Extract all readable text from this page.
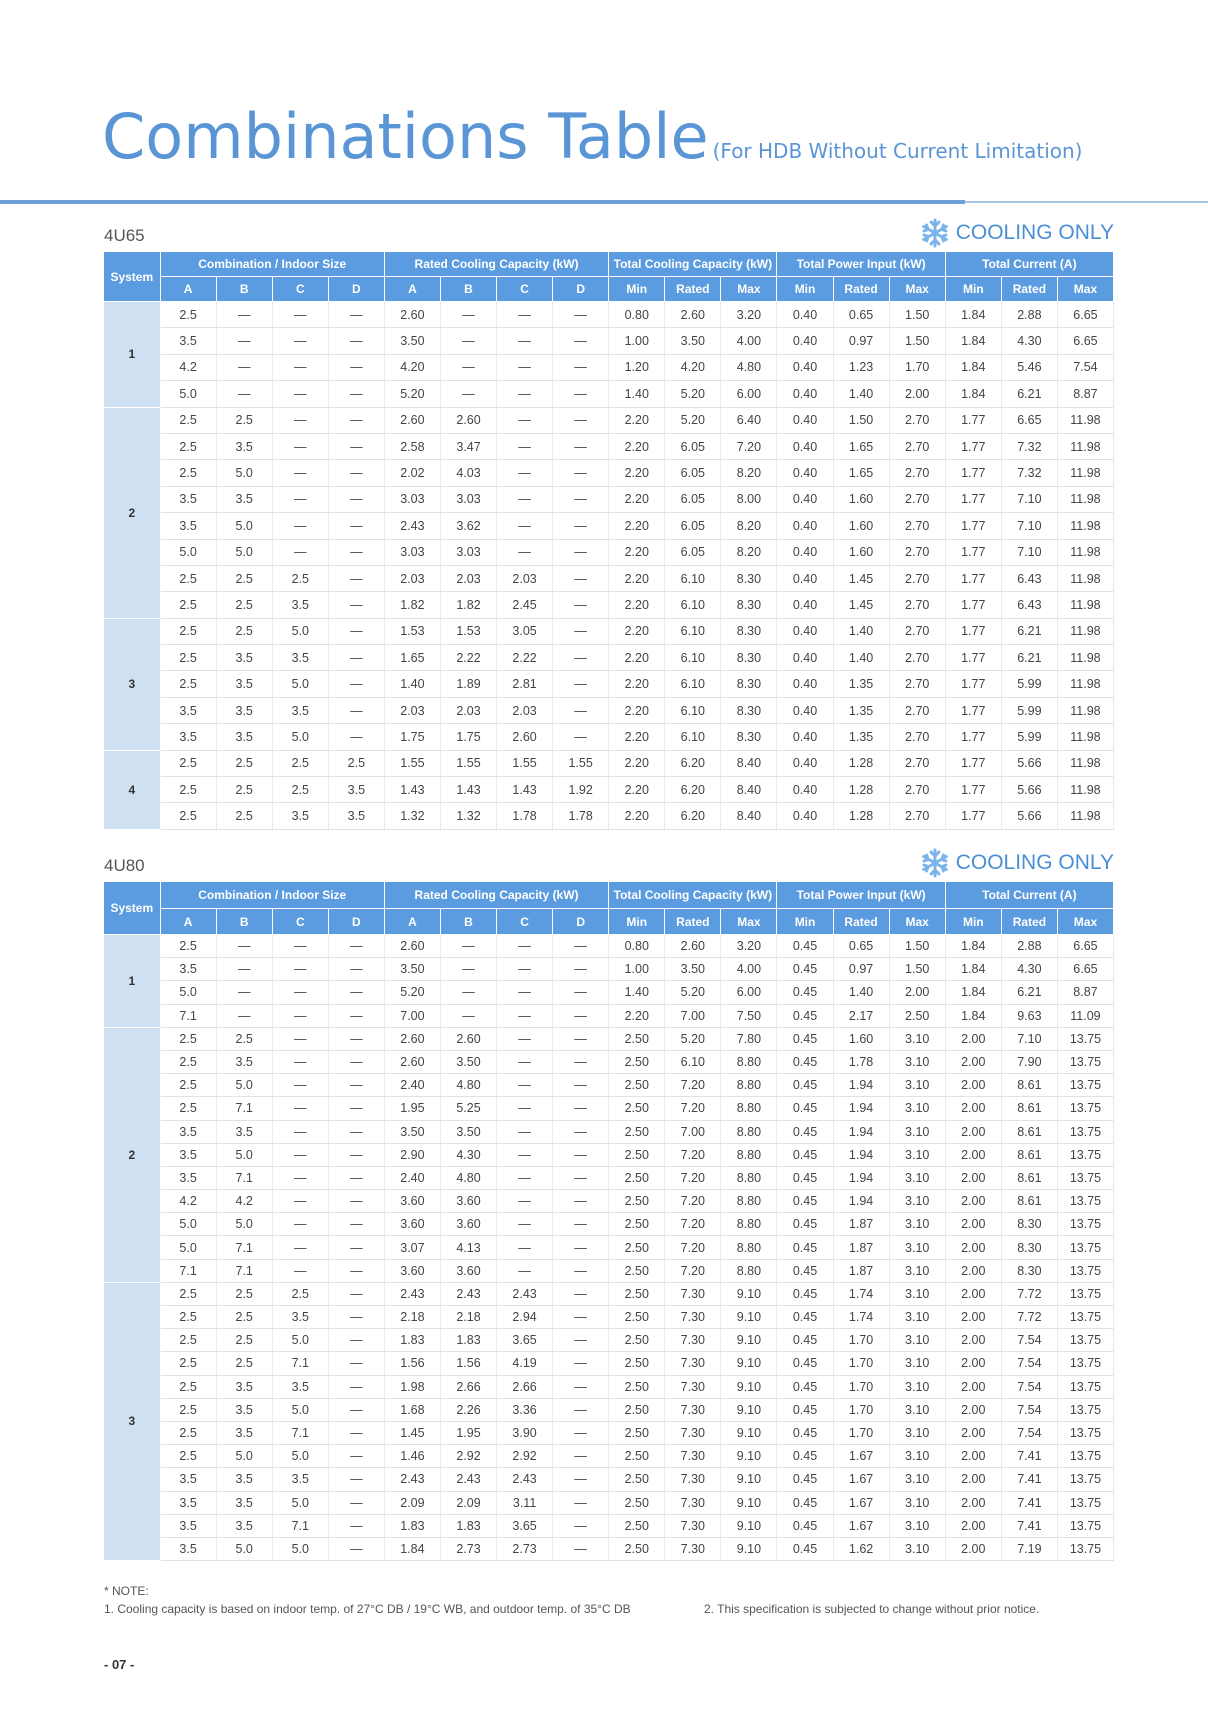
Combinations Table (For HDB Without Current Limitation)
4U65	COOLING ONLY
System	Combination / Indoor Size				Rated Cooling Capacity (kW)				Total Cooling Capacity (kW)			Total Power Input (kW)			Total Current (A)		
	A	B	C	D	A	B	C	D	Min	Rated	Max	Min	Rated	Max	Min	Rated	Max
1	2.5	—	—	—	2.60	—	—	—	0.80	2.60	3.20	0.40	0.65	1.50	1.84	2.88	6.65
	3.5	—	—	—	3.50	—	—	—	1.00	3.50	4.00	0.40	0.97	1.50	1.84	4.30	6.65
	4.2	—	—	—	4.20	—	—	—	1.20	4.20	4.80	0.40	1.23	1.70	1.84	5.46	7.54
	5.0	—	—	—	5.20	—	—	—	1.40	5.20	6.00	0.40	1.40	2.00	1.84	6.21	8.87
2	2.5	2.5	—	—	2.60	2.60	—	—	2.20	5.20	6.40	0.40	1.50	2.70	1.77	6.65	11.98
	2.5	3.5	—	—	2.58	3.47	—	—	2.20	6.05	7.20	0.40	1.65	2.70	1.77	7.32	11.98
	2.5	5.0	—	—	2.02	4.03	—	—	2.20	6.05	8.20	0.40	1.65	2.70	1.77	7.32	11.98
	3.5	3.5	—	—	3.03	3.03	—	—	2.20	6.05	8.00	0.40	1.60	2.70	1.77	7.10	11.98
	3.5	5.0	—	—	2.43	3.62	—	—	2.20	6.05	8.20	0.40	1.60	2.70	1.77	7.10	11.98
	5.0	5.0	—	—	3.03	3.03	—	—	2.20	6.05	8.20	0.40	1.60	2.70	1.77	7.10	11.98
	2.5	2.5	2.5	—	2.03	2.03	2.03	—	2.20	6.10	8.30	0.40	1.45	2.70	1.77	6.43	11.98
	2.5	2.5	3.5	—	1.82	1.82	2.45	—	2.20	6.10	8.30	0.40	1.45	2.70	1.77	6.43	11.98
3	2.5	2.5	5.0	—	1.53	1.53	3.05	—	2.20	6.10	8.30	0.40	1.40	2.70	1.77	6.21	11.98
	2.5	3.5	3.5	—	1.65	2.22	2.22	—	2.20	6.10	8.30	0.40	1.40	2.70	1.77	6.21	11.98
	2.5	3.5	5.0	—	1.40	1.89	2.81	—	2.20	6.10	8.30	0.40	1.35	2.70	1.77	5.99	11.98
	3.5	3.5	3.5	—	2.03	2.03	2.03	—	2.20	6.10	8.30	0.40	1.35	2.70	1.77	5.99	11.98
	3.5	3.5	5.0	—	1.75	1.75	2.60	—	2.20	6.10	8.30	0.40	1.35	2.70	1.77	5.99	11.98
4	2.5	2.5	2.5	2.5	1.55	1.55	1.55	1.55	2.20	6.20	8.40	0.40	1.28	2.70	1.77	5.66	11.98
	2.5	2.5	2.5	3.5	1.43	1.43	1.43	1.92	2.20	6.20	8.40	0.40	1.28	2.70	1.77	5.66	11.98
	2.5	2.5	3.5	3.5	1.32	1.32	1.78	1.78	2.20	6.20	8.40	0.40	1.28	2.70	1.77	5.66	11.98
4U80	COOLING ONLY
System	Combination / Indoor Size				Rated Cooling Capacity (kW)				Total Cooling Capacity (kW)			Total Power Input (kW)			Total Current (A)		
	A	B	C	D	A	B	C	D	Min	Rated	Max	Min	Rated	Max	Min	Rated	Max
1	2.5	—	—	—	2.60	—	—	—	0.80	2.60	3.20	0.45	0.65	1.50	1.84	2.88	6.65
	3.5	—	—	—	3.50	—	—	—	1.00	3.50	4.00	0.45	0.97	1.50	1.84	4.30	6.65
	5.0	—	—	—	5.20	—	—	—	1.40	5.20	6.00	0.45	1.40	2.00	1.84	6.21	8.87
	7.1	—	—	—	7.00	—	—	—	2.20	7.00	7.50	0.45	2.17	2.50	1.84	9.63	11.09
2	2.5	2.5	—	—	2.60	2.60	—	—	2.50	5.20	7.80	0.45	1.60	3.10	2.00	7.10	13.75
	2.5	3.5	—	—	2.60	3.50	—	—	2.50	6.10	8.80	0.45	1.78	3.10	2.00	7.90	13.75
	2.5	5.0	—	—	2.40	4.80	—	—	2.50	7.20	8.80	0.45	1.94	3.10	2.00	8.61	13.75
	2.5	7.1	—	—	1.95	5.25	—	—	2.50	7.20	8.80	0.45	1.94	3.10	2.00	8.61	13.75
	3.5	3.5	—	—	3.50	3.50	—	—	2.50	7.00	8.80	0.45	1.94	3.10	2.00	8.61	13.75
	3.5	5.0	—	—	2.90	4.30	—	—	2.50	7.20	8.80	0.45	1.94	3.10	2.00	8.61	13.75
	3.5	7.1	—	—	2.40	4.80	—	—	2.50	7.20	8.80	0.45	1.94	3.10	2.00	8.61	13.75
	4.2	4.2	—	—	3.60	3.60	—	—	2.50	7.20	8.80	0.45	1.94	3.10	2.00	8.61	13.75
	5.0	5.0	—	—	3.60	3.60	—	—	2.50	7.20	8.80	0.45	1.87	3.10	2.00	8.30	13.75
	5.0	7.1	—	—	3.07	4.13	—	—	2.50	7.20	8.80	0.45	1.87	3.10	2.00	8.30	13.75
	7.1	7.1	—	—	3.60	3.60	—	—	2.50	7.20	8.80	0.45	1.87	3.10	2.00	8.30	13.75
3	2.5	2.5	2.5	—	2.43	2.43	2.43	—	2.50	7.30	9.10	0.45	1.74	3.10	2.00	7.72	13.75
	2.5	2.5	3.5	—	2.18	2.18	2.94	—	2.50	7.30	9.10	0.45	1.74	3.10	2.00	7.72	13.75
	2.5	2.5	5.0	—	1.83	1.83	3.65	—	2.50	7.30	9.10	0.45	1.70	3.10	2.00	7.54	13.75
	2.5	2.5	7.1	—	1.56	1.56	4.19	—	2.50	7.30	9.10	0.45	1.70	3.10	2.00	7.54	13.75
	2.5	3.5	3.5	—	1.98	2.66	2.66	—	2.50	7.30	9.10	0.45	1.70	3.10	2.00	7.54	13.75
	2.5	3.5	5.0	—	1.68	2.26	3.36	—	2.50	7.30	9.10	0.45	1.70	3.10	2.00	7.54	13.75
	2.5	3.5	7.1	—	1.45	1.95	3.90	—	2.50	7.30	9.10	0.45	1.70	3.10	2.00	7.54	13.75
	2.5	5.0	5.0	—	1.46	2.92	2.92	—	2.50	7.30	9.10	0.45	1.67	3.10	2.00	7.41	13.75
	3.5	3.5	3.5	—	2.43	2.43	2.43	—	2.50	7.30	9.10	0.45	1.67	3.10	2.00	7.41	13.75
	3.5	3.5	5.0	—	2.09	2.09	3.11	—	2.50	7.30	9.10	0.45	1.67	3.10	2.00	7.41	13.75
	3.5	3.5	7.1	—	1.83	1.83	3.65	—	2.50	7.30	9.10	0.45	1.67	3.10	2.00	7.41	13.75
	3.5	5.0	5.0	—	1.84	2.73	2.73	—	2.50	7.30	9.10	0.45	1.62	3.10	2.00	7.19	13.75
* NOTE:
1. Cooling capacity is based on indoor temp. of 27°C DB / 19°C WB, and outdoor temp. of 35°C DB	2. This specification is subjected to change without prior notice.
- 07 -
